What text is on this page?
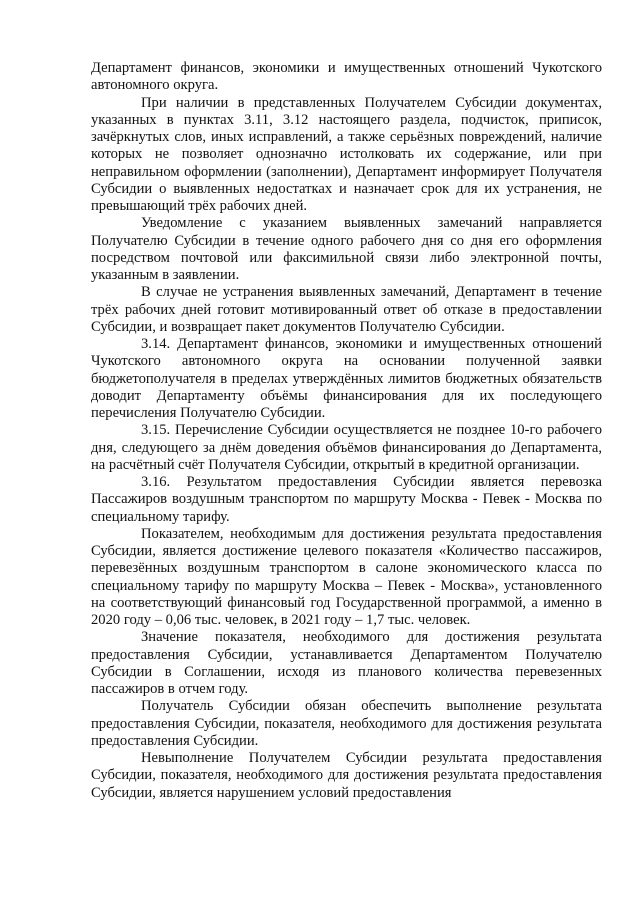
Департамент финансов, экономики и имущественных отношений Чукотского автономного округа.

При наличии в представленных Получателем Субсидии документах, указанных в пунктах 3.11, 3.12 настоящего раздела, подчисток, приписок, зачёркнутых слов, иных исправлений, а также серьёзных повреждений, наличие которых не позволяет однозначно истолковать их содержание, или при неправильном оформлении (заполнении), Департамент информирует Получателя Субсидии о выявленных недостатках и назначает срок для их устранения, не превышающий трёх рабочих дней.

Уведомление с указанием выявленных замечаний направляется Получателю Субсидии в течение одного рабочего дня со дня его оформления посредством почтовой или факсимильной связи либо электронной почты, указанным в заявлении.

В случае не устранения выявленных замечаний, Департамент в течение трёх рабочих дней готовит мотивированный ответ об отказе в предоставлении Субсидии, и возвращает пакет документов Получателю Субсидии.

3.14. Департамент финансов, экономики и имущественных отношений Чукотского автономного округа на основании полученной заявки бюджетополучателя в пределах утверждённых лимитов бюджетных обязательств доводит Департаменту объёмы финансирования для их последующего перечисления Получателю Субсидии.

3.15. Перечисление Субсидии осуществляется не позднее 10-го рабочего дня, следующего за днём доведения объёмов финансирования до Департамента, на расчётный счёт Получателя Субсидии, открытый в кредитной организации.

3.16. Результатом предоставления Субсидии является перевозка Пассажиров воздушным транспортом по маршруту Москва - Певек - Москва по специальному тарифу.

Показателем, необходимым для достижения результата предоставления Субсидии, является достижение целевого показателя «Количество пассажиров, перевезённых воздушным транспортом в салоне экономического класса по специальному тарифу по маршруту Москва – Певек - Москва», установленного на соответствующий финансовый год Государственной программой, а именно в 2020 году – 0,06 тыс. человек, в 2021 году – 1,7 тыс. человек.

Значение показателя, необходимого для достижения результата предоставления Субсидии, устанавливается Департаментом Получателю Субсидии в Соглашении, исходя из планового количества перевезенных пассажиров в отчем году.

Получатель Субсидии обязан обеспечить выполнение результата предоставления Субсидии, показателя, необходимого для достижения результата предоставления Субсидии.

Невыполнение Получателем Субсидии результата предоставления Субсидии, показателя, необходимого для достижения результата предоставления Субсидии, является нарушением условий предоставления
